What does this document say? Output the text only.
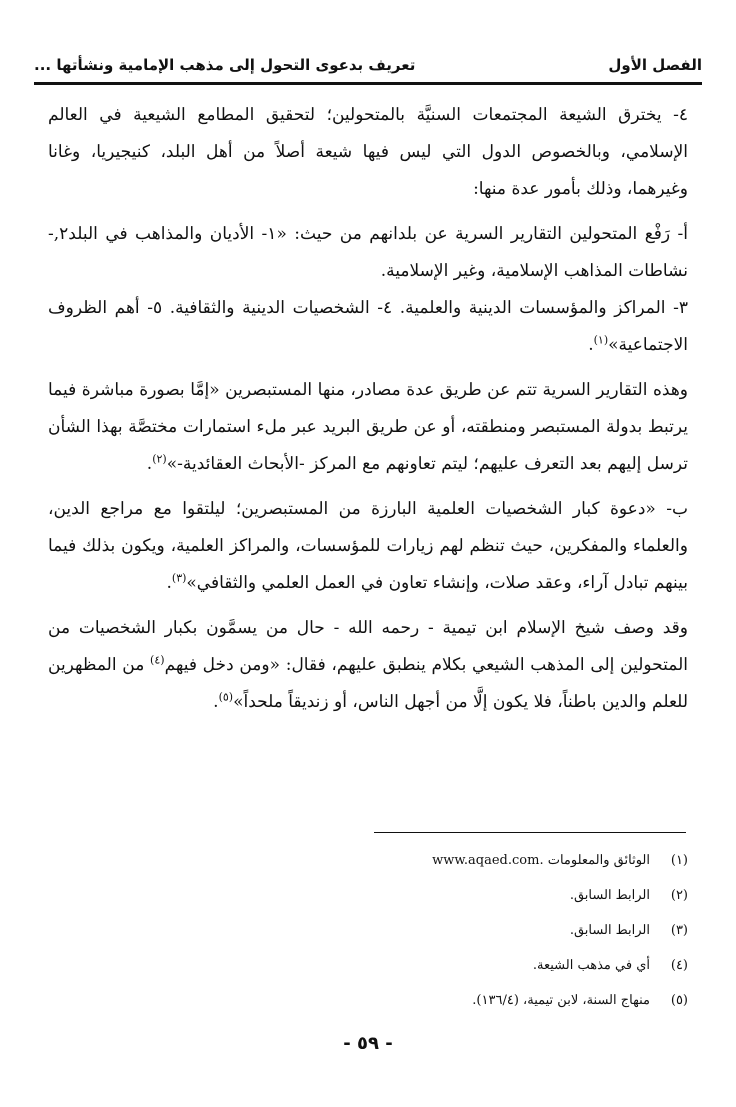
الفصل الأول
تعريف بدعوى التحول إلى مذهب الإمامية ونشأتها ...

٤- يخترق الشيعة المجتمعات السنيَّة بالمتحولين؛ لتحقيق المطامع الشيعية في العالم الإسلامي، وبالخصوص الدول التي ليس فيها شيعة أصلاً من أهل البلد، كنيجيريا، وغانا وغيرهما، وذلك بأمور عدة منها:

أ- رَفْع المتحولين التقارير السرية عن بلدانهم من حيث: «١- الأديان والمذاهب في البلد٢,- نشاطات المذاهب الإسلامية، وغير الإسلامية.

٣- المراكز والمؤسسات الدينية والعلمية. ٤- الشخصيات الدينية والثقافية. ٥- أهم الظروف الاجتماعية»$^{(١)}$.

وهذه التقارير السرية تتم عن طريق عدة مصادر، منها المستبصرين «إمَّا بصورة مباشرة فيما يرتبط بدولة المستبصر ومنطقته، أو عن طريق البريد عبر ملء استمارات مختصَّة بهذا الشأن ترسل إليهم بعد التعرف عليهم؛ ليتم تعاونهم مع المركز -الأبحاث العقائدية-»$^{(٢)}$.

ب- «دعوة كبار الشخصيات العلمية البارزة من المستبصرين؛ ليلتقوا مع مراجع الدين، والعلماء والمفكرين، حيث تنظم لهم زيارات للمؤسسات، والمراكز العلمية، ويكون بذلك فيما بينهم تبادل آراء، وعقد صلات، وإنشاء تعاون في العمل العلمي والثقافي»$^{(٣)}$.

وقد وصف شيخ الإسلام ابن تيمية - رحمه الله - حال من يسمَّون بكبار الشخصيات من المتحولين إلى المذهب الشيعي بكلام ينطبق عليهم، فقال: «ومن دخل فيهم$^{(٤)}$ من المظهرين للعلم والدين باطناً، فلا يكون إلَّا من أجهل الناس، أو زنديقاً ملحداً»$^{(٥)}$.

(١)الوثائق والمعلومات .www.aqaed.com
(٢)الرابط السابق.
(٣)الرابط السابق.
(٤)أي في مذهب الشيعة.
(٥)منهاج السنة، لابن تيمية، (١٣٦/٤).
- ٥٩ -
